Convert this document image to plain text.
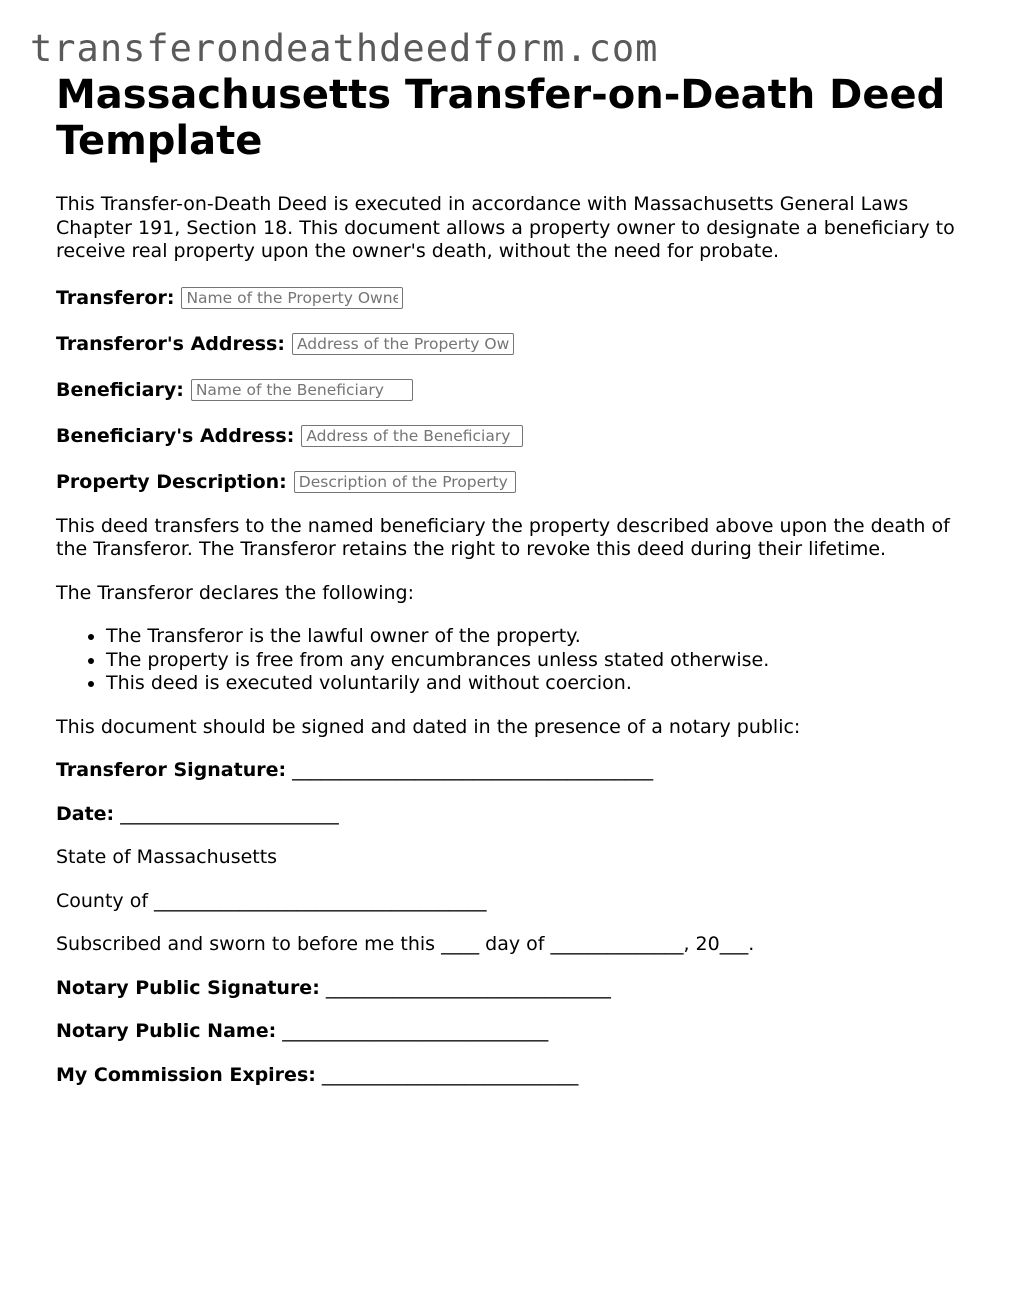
transferondeathdeedform.com
Massachusetts Transfer-on-Death Deed Template

This Transfer-on-Death Deed is executed in accordance with Massachusetts General Laws Chapter 191, Section 18. This document allows a property owner to designate a beneficiary to receive real property upon the owner's death, without the need for probate.

Transferor:
Name of the Property Owner
Transferor's Address:
Address of the Property Owner
Beneficiary:
Name of the Beneficiary
Beneficiary's Address:
Address of the Beneficiary
Property Description:
Description of the Property

This deed transfers to the named beneficiary the property described above upon the death of the Transferor. The Transferor retains the right to revoke this deed during their lifetime.

The Transferor declares the following:

• The Transferor is the lawful owner of the property.
• The property is free from any encumbrances unless stated otherwise.
• This deed is executed voluntarily and without coercion.

This document should be signed and dated in the presence of a notary public:

Transferor Signature: ______________________________________
Date: _______________________

State of Massachusetts

County of ___________________________________

Subscribed and sworn to before me this ____ day of ______________, 20___.

Notary Public Signature: ______________________________
Notary Public Name: ____________________________
My Commission Expires: ___________________________
